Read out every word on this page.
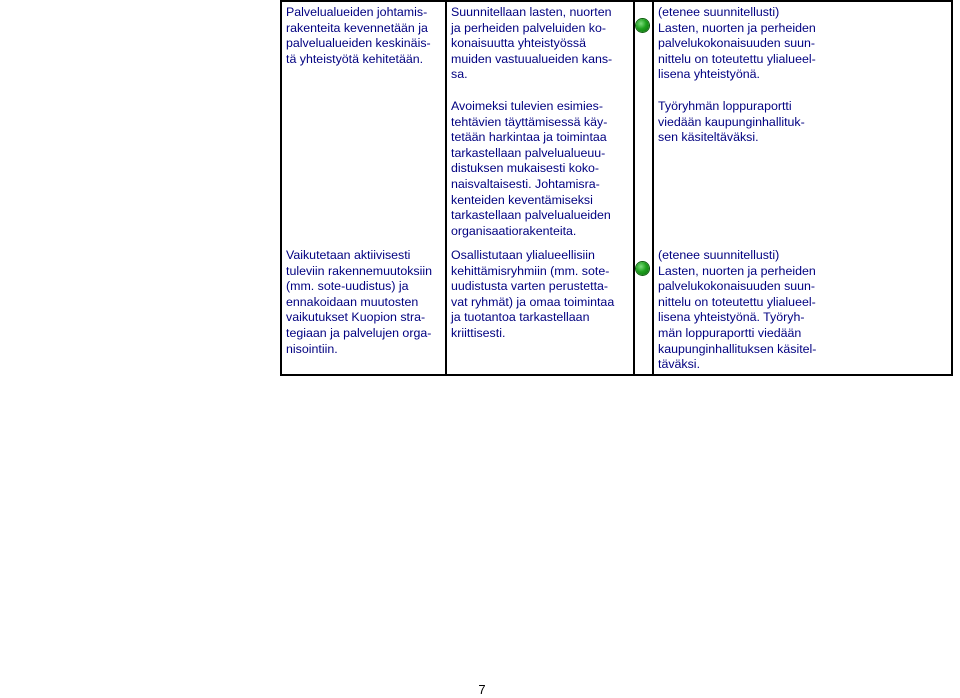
Palvelualueiden johtamis-
rakenteita kevennetään ja
palvelualueiden keskinäis-
tä yhteistyötä kehitetään.
Suunnitellaan lasten, nuorten
ja perheiden palveluiden ko-
konaisuutta yhteistyössä
muiden vastuualueiden kans-
sa.
(etenee suunnitellusti)
Lasten, nuorten ja perheiden
palvelukokonaisuuden suun-
nittelu on toteutettu ylialueel-
lisena yhteistyönä.
Avoimeksi tulevien esimies-
tehtävien täyttämisessä käy-
tetään harkintaa ja toimintaa
tarkastellaan palvelualueuu-
distuksen mukaisesti koko-
naisvaltaisesti. Johtamisra-
kenteiden keventämiseksi
tarkastellaan palvelualueiden
organisaatiorakenteita.
Työryhmän loppuraportti
viedään kaupunginhallituk-
sen käsiteltäväksi.
Vaikutetaan aktiivisesti
tuleviin rakennemuutoksiin
(mm. sote-uudistus) ja
ennakoidaan muutosten
vaikutukset Kuopion stra-
tegiaan ja palvelujen orga-
nisointiin.
Osallistutaan ylialueellisiin
kehittämisryhmiin (mm. sote-
uudistusta varten perustetta-
vat ryhmät) ja omaa toimintaa
ja tuotantoa tarkastellaan
kriittisesti.
(etenee suunnitellusti)
Lasten, nuorten ja perheiden
palvelukokonaisuuden suun-
nittelu on toteutettu ylialueel-
lisena yhteistyönä. Työryh-
män loppuraportti viedään
kaupunginhallituksen käsitel-
täväksi.
7
